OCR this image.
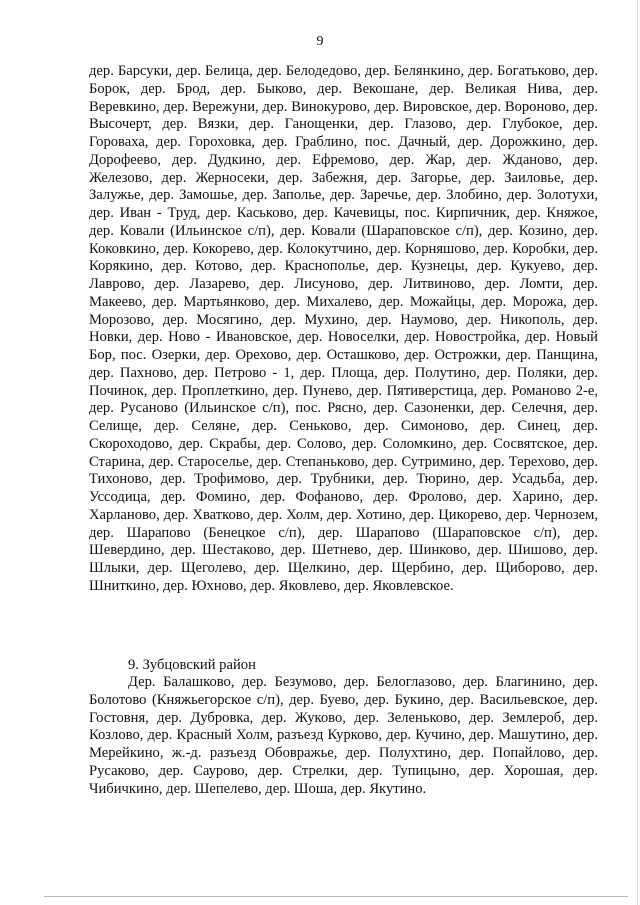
9

дер. Барсуки, дер. Белица, дер. Белодедово, дер. Белянкино, дер. Богатьково, дер. Борок, дер. Брод, дер. Быково, дер. Векошане, дер. Великая Нива, дер. Веревкино, дер. Вережуни, дер. Винокурово, дер. Вировское, дер. Вороново, дер. Высочерт, дер. Вязки, дер. Ганощенки, дер. Глазово, дер. Глубокое, дер. Гороваха, дер. Гороховка, дер. Граблино, пос. Дачный, дер. Дорожкино, дер. Дорофеево, дер. Дудкино, дер. Ефремово, дер. Жар, дер. Жданово, дер. Железово, дер. Жерносеки, дер. Забежня, дер. Загорье, дер. Заиловье, дер. Залужье, дер. Замошье, дер. Заполье, дер. Заречье, дер. Злобино, дер. Золотухи, дер. Иван - Труд, дер. Каськово, дер. Качевицы, пос. Кирпичник, дер. Княжое, дер. Ковали (Ильинское с/п), дер. Ковали (Шараповское с/п), дер. Козино, дер. Коковкино, дер. Кокорево, дер. Колокутчино, дер. Корняшово, дер. Коробки, дер. Корякино, дер. Котово, дер. Краснополье, дер. Кузнецы, дер. Кукуево, дер. Лаврово, дер. Лазарево, дер. Лисуново, дер. Литвиново, дер. Ломти, дер. Макеево, дер. Мартьянково, дер. Михалево, дер. Можайцы, дер. Морожа, дер. Морозово, дер. Мосягино, дер. Мухино, дер. Наумово, дер. Никополь, дер. Новки, дер. Ново - Ивановское, дер. Новоселки, дер. Новостройка, дер. Новый Бор, пос. Озерки, дер. Орехово, дер. Осташково, дер. Острожки, дер. Панщина, дер. Пахново, дер. Петрово - 1, дер. Площа, дер. Полутино, дер. Поляки, дер. Починок, дер. Проплеткино, дер. Пунево, дер. Пятиверстица, дер. Романово 2-е, дер. Русаново (Ильинское с/п), пос. Рясно, дер. Сазоненки, дер. Селечня, дер. Селище, дер. Селяне, дер. Сеньково, дер. Симоново, дер. Синец, дер. Скороходово, дер. Скрабы, дер. Солово, дер. Соломкино, дер. Сосвятское, дер. Старина, дер. Староселье, дер. Степаньково, дер. Сутримино, дер. Терехово, дер. Тихоново, дер. Трофимово, дер. Трубники, дер. Тюрино, дер. Усадьба, дер. Уссодица, дер. Фомино, дер. Фофаново, дер. Фролово, дер. Харино, дер. Харланово, дер. Хватково, дер. Холм, дер. Хотино, дер. Цикорево, дер. Чернозем, дер. Шарапово (Бенецкое с/п), дер. Шарапово (Шараповское с/п), дер. Шевердино, дер. Шестаково, дер. Шетнево, дер. Шинково, дер. Шишово, дер. Шлыки, дер. Щеголево, дер. Щелкино, дер. Щербино, дер. Щиборово, дер. Шниткино, дер. Юхново, дер. Яковлево, дер. Яковлевское.

9. Зубцовский район

Дер. Балашково, дер. Безумово, дер. Белоглазово, дер. Благинино, дер. Болотово (Княжьегорское с/п), дер. Буево, дер. Букино, дер. Васильевское, дер. Гостовня, дер. Дубровка, дер. Жуково, дер. Зеленьково, дер. Землероб, дер. Козлово, дер. Красный Холм, разъезд Курково, дер. Кучино, дер. Машутино, дер. Мерейкино, ж.-д. разъезд Обовражье, дер. Полухтино, дер. Попайлово, дер. Русаково, дер. Саурово, дер. Стрелки, дер. Тупицыно, дер. Хорошая, дер. Чибичкино, дер. Шепелево, дер. Шоша, дер. Якутино.
